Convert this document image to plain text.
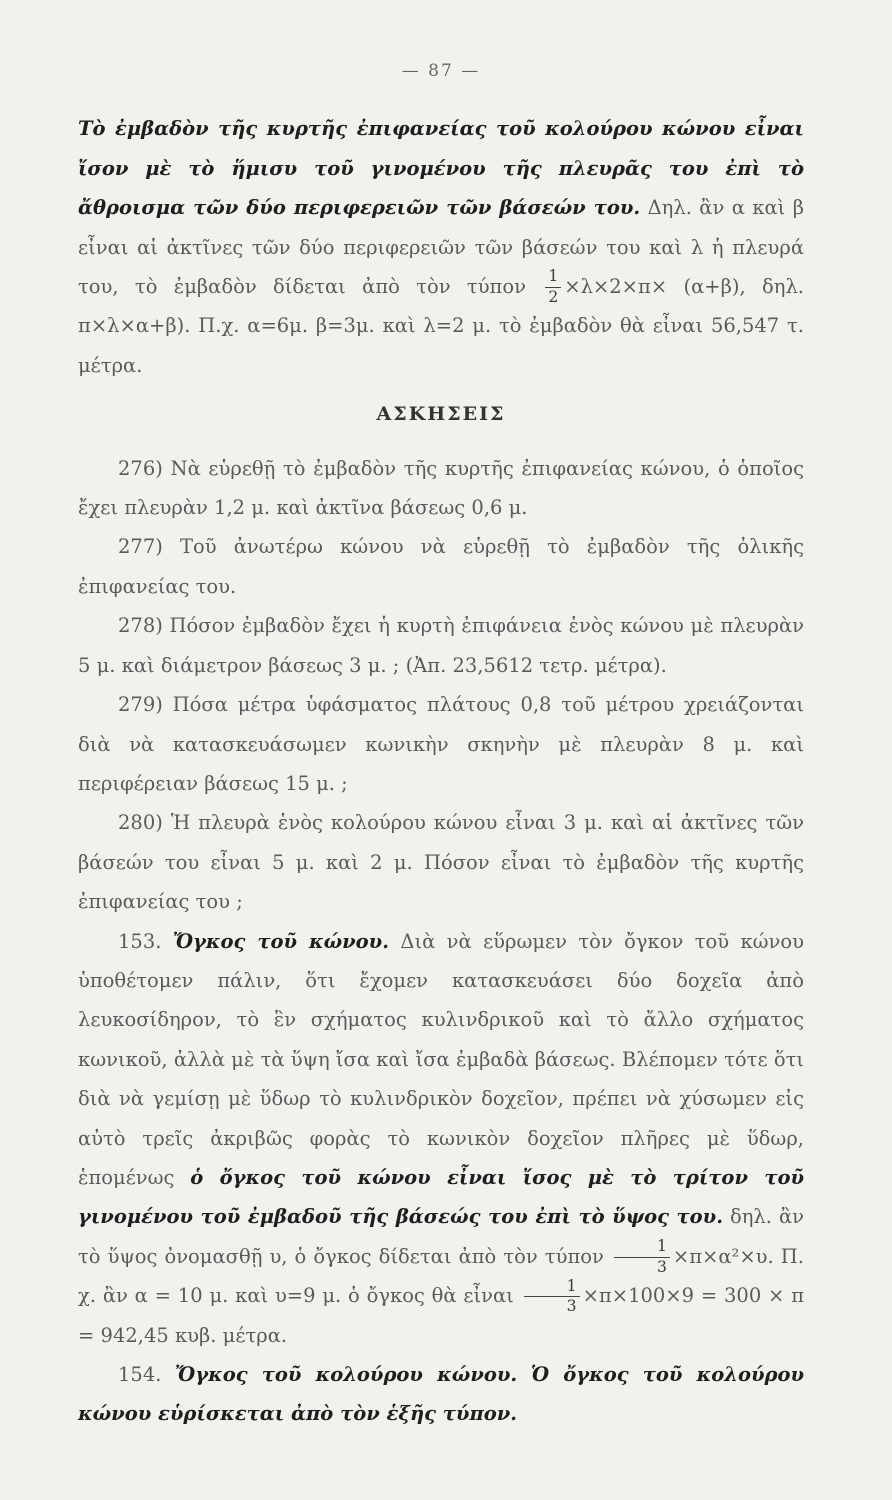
— 87 —

Τὸ ἐμβαδὸν τῆς κυρτῆς ἐπιφανείας τοῦ κολούρου κώνου εἶναι ἴσον μὲ τὸ ἥμισυ τοῦ γινομένου τῆς πλευρᾶς του ἐπὶ τὸ ἄθροισμα τῶν δύο περιφερειῶν τῶν βάσεών του. Δηλ. ἂν α καὶ β εἶναι αἱ ἀκτῖνες τῶν δύο περιφερειῶν τῶν βάσεών του καὶ λ ἡ πλευρά του, τὸ ἐμβαδὸν δίδεται ἀπὸ τὸν τύπον $\frac{1}{2} \times\lambda\times 2\times\pi\times (\alpha+\beta)$, δηλ. π×λ×α+β). Π.χ. α=6μ. β=3μ. καὶ λ=2 μ. τὸ ἐμβαδὸν θὰ εἶναι 56,547 τ. μέτρα.

ΑΣΚΗΣΕΙΣ

276) Νὰ εὑρεθῇ τὸ ἐμβαδὸν τῆς κυρτῆς ἐπιφανείας κώνου, ὁ ὁποῖος ἔχει πλευρὰν 1,2 μ. καὶ ἀκτῖνα βάσεως 0,6 μ.

277) Τοῦ ἀνωτέρω κώνου νὰ εὑρεθῇ τὸ ἐμβαδὸν τῆς ὁλικῆς ἐπιφανείας του.

278) Πόσον ἐμβαδὸν ἔχει ἡ κυρτὴ ἐπιφάνεια ἑνὸς κώνου μὲ πλευρὰν 5 μ. καὶ διάμετρον βάσεως 3 μ. ; (Ἀπ. 23,5612 τετρ. μέτρα).

279) Πόσα μέτρα ὑφάσματος πλάτους 0,8 τοῦ μέτρου χρειάζονται διὰ νὰ κατασκευάσωμεν κωνικὴν σκηνὴν μὲ πλευρὰν 8 μ. καὶ περιφέρειαν βάσεως 15 μ. ;

280) Ἡ πλευρὰ ἑνὸς κολούρου κώνου εἶναι 3 μ. καὶ αἱ ἀκτῖνες τῶν βάσεών του εἶναι 5 μ. καὶ 2 μ. Πόσον εἶναι τὸ ἐμβαδὸν τῆς κυρτῆς ἐπιφανείας του ;

153. Ὄγκος τοῦ κώνου. Διὰ νὰ εὕρωμεν τὸν ὄγκον τοῦ κώνου ὑποθέτομεν πάλιν, ὅτι ἔχομεν κατασκευάσει δύο δοχεῖα ἀπὸ λευκοσίδηρον, τὸ ἓν σχήματος κυλινδρικοῦ καὶ τὸ ἄλλο σχήματος κωνικοῦ, ἀλλὰ μὲ τὰ ὕψη ἴσα καὶ ἴσα ἐμβαδὰ βάσεως. Βλέπομεν τότε ὅτι διὰ νὰ γεμίσῃ μὲ ὕδωρ τὸ κυλινδρικὸν δοχεῖον, πρέπει νὰ χύσωμεν εἰς αὐτὸ τρεῖς ἀκριβῶς φορὰς τὸ κωνικὸν δοχεῖον πλῆρες μὲ ὕδωρ, ἑπομένως ὁ ὄγκος τοῦ κώνου εἶναι ἴσος μὲ τὸ τρίτον τοῦ γινομένου τοῦ ἐμβαδοῦ τῆς βάσεώς του ἐπὶ τὸ ὕψος του. δηλ. ἂν τὸ ὕψος ὀνομασθῇ υ, ὁ ὄγκος δίδεται ἀπὸ τὸν τύπον $\frac{1}{3} \times\pi\times\alpha^2\times\upsilon$. Π. χ. ἂν α = 10 μ. καὶ υ=9 μ. ὁ ὄγκος θὰ εἶναι $\frac{1}{3} \times\pi\times 100\times 9 = 300 \times \pi = 942,45$ κυβ. μέτρα.

154. Ὄγκος τοῦ κολούρου κώνου. Ὁ ὄγκος τοῦ κολούρου κώνου εὑρίσκεται ἀπὸ τὸν ἑξῆς τύπον.
